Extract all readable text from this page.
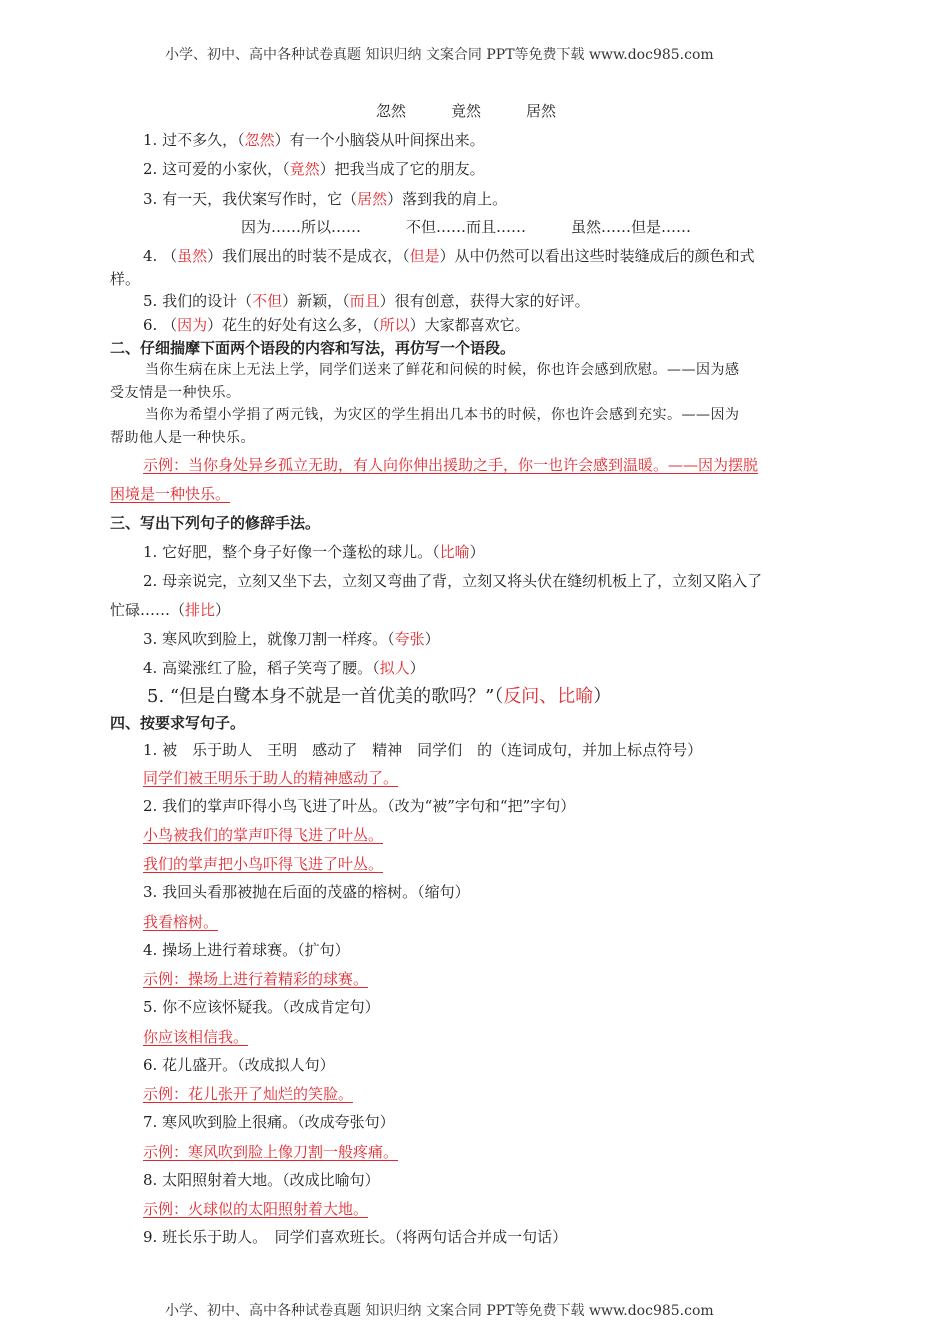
小学、初中、高中各种试卷真题 知识归纳 文案合同 PPT等免费下载 www.doc985.com
忽然　　　竟然　　　居然
1. 过不多久，（忽然）有一个小脑袋从叶间探出来。
2. 这可爱的小家伙，（竟然）把我当成了它的朋友。
3. 有一天，我伏案写作时，它（居然）落到我的肩上。
因为……所以……　　　不但……而且……　　　虽然……但是……
4. （虽然）我们展出的时装不是成衣，（但是）从中仍然可以看出这些时装缝成后的颜色和式
样。
5. 我们的设计（不但）新颖，（而且）很有创意，获得大家的好评。
6. （因为）花生的好处有这么多，（所以）大家都喜欢它。
二、仔细揣摩下面两个语段的内容和写法，再仿写一个语段。
当你生病在床上无法上学，同学们送来了鲜花和问候的时候，你也许会感到欣慰。——因为感
受友情是一种快乐。
当你为希望小学捐了两元钱，为灾区的学生捐出几本书的时候，你也许会感到充实。——因为
帮助他人是一种快乐。
示例：当你身处异乡孤立无助，有人向你伸出援助之手，你一也许会感到温暖。——因为摆脱
困境是一种快乐。
三、写出下列句子的修辞手法。
1. 它好肥，整个身子好像一个蓬松的球儿。（比喻）
2. 母亲说完，立刻又坐下去，立刻又弯曲了背，立刻又将头伏在缝纫机板上了，立刻又陷入了
忙碌……（排比）
3. 寒风吹到脸上，就像刀割一样疼。（夸张）
4. 高粱涨红了脸，稻子笑弯了腰。（拟人）
5. “但是白鹭本身不就是一首优美的歌吗？”（反问、比喻）
四、按要求写句子。
1. 被　乐于助人　王明　感动了　精神　同学们　的（连词成句，并加上标点符号）
同学们被王明乐于助人的精神感动了。
2. 我们的掌声吓得小鸟飞进了叶丛。（改为“被”字句和“把”字句）
小鸟被我们的掌声吓得飞进了叶丛。
我们的掌声把小鸟吓得飞进了叶丛。
3. 我回头看那被抛在后面的茂盛的榕树。（缩句）
我看榕树。
4. 操场上进行着球赛。（扩句）
示例：操场上进行着精彩的球赛。
5. 你不应该怀疑我。（改成肯定句）
你应该相信我。
6. 花儿盛开。（改成拟人句）
示例：花儿张开了灿烂的笑脸。
7. 寒风吹到脸上很痛。（改成夸张句）
示例：寒风吹到脸上像刀割一般疼痛。
8. 太阳照射着大地。（改成比喻句）
示例：火球似的太阳照射着大地。
9. 班长乐于助人。　同学们喜欢班长。（将两句话合并成一句话）
小学、初中、高中各种试卷真题 知识归纳 文案合同 PPT等免费下载 www.doc985.com
